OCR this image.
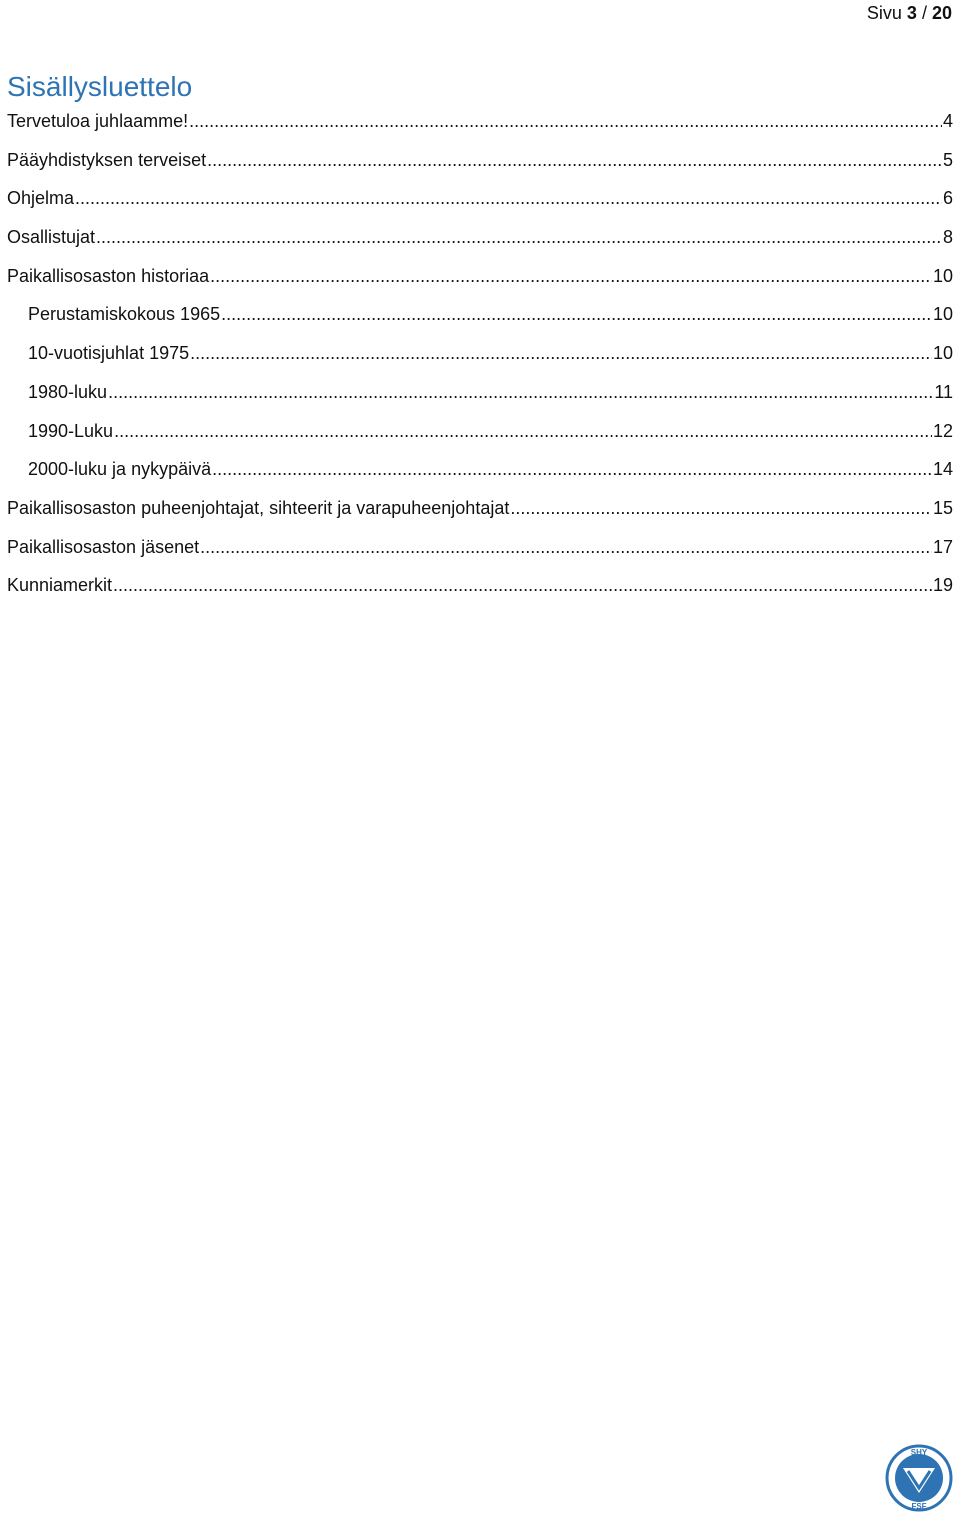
Sivu 3 / 20
Sisällysluettelo
Tervetuloa juhlaamme! .....	4
Pääyhdistyksen terveiset .....	5
Ohjelma .....	6
Osallistujat .....	8
Paikallisosaston historiaa .....	10
Perustamiskokous 1965 .....	10
10-vuotisjuhlat 1975 .....	10
1980-luku .....	11
1990-Luku .....	12
2000-luku ja nykypäivä .....	14
Paikallisosaston puheenjohtajat, sihteerit ja varapuheenjohtajat .....	15
Paikallisosaston jäsenet .....	17
Kunniamerkit .....	19
SHY
FSF
